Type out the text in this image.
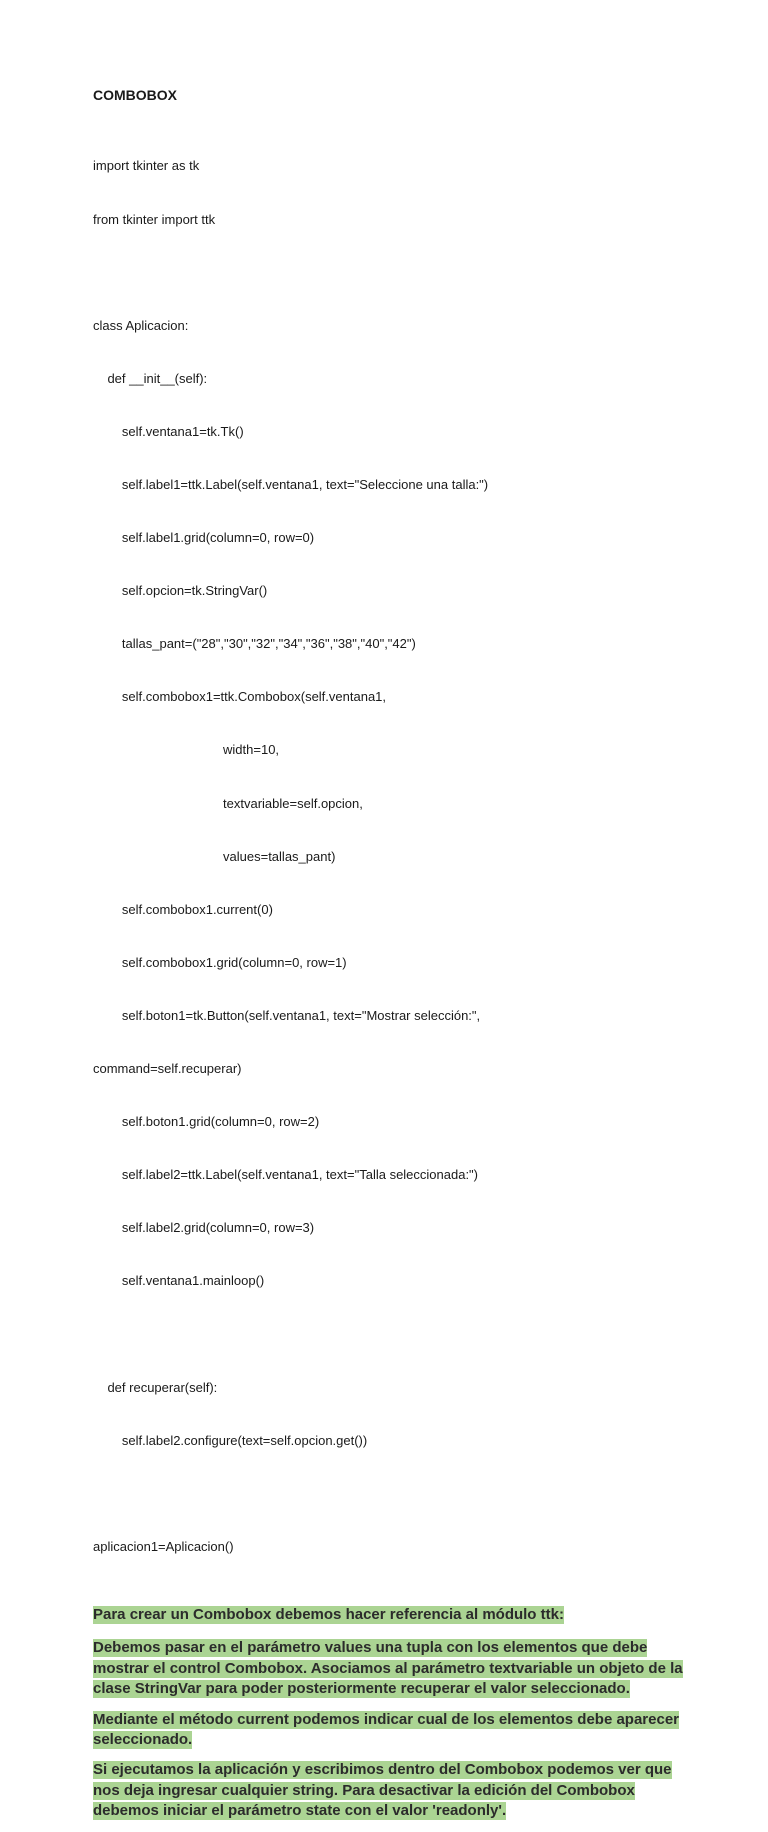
COMBOBOX

import tkinter as tk

from tkinter import ttk

class Aplicacion:

def __init__(self):

self.ventana1=tk.Tk()

self.label1=ttk.Label(self.ventana1, text="Seleccione una talla:")

self.label1.grid(column=0, row=0)

self.opcion=tk.StringVar()

tallas_pant=("28","30","32","34","36","38","40","42")

self.combobox1=ttk.Combobox(self.ventana1,

width=10,

textvariable=self.opcion,

values=tallas_pant)

self.combobox1.current(0)

self.combobox1.grid(column=0, row=1)

self.boton1=tk.Button(self.ventana1, text="Mostrar selección:",

command=self.recuperar)

self.boton1.grid(column=0, row=2)

self.label2=ttk.Label(self.ventana1, text="Talla seleccionada:")

self.label2.grid(column=0, row=3)

self.ventana1.mainloop()

def recuperar(self):

self.label2.configure(text=self.opcion.get())

aplicacion1=Aplicacion()

Para crear un Combobox debemos hacer referencia al módulo ttk:

Debemos pasar en el parámetro values una tupla con los elementos que debe mostrar el control Combobox. Asociamos al parámetro textvariable un objeto de la clase StringVar para poder posteriormente recuperar el valor seleccionado.

Mediante el método current podemos indicar cual de los elementos debe aparecer seleccionado.

Si ejecutamos la aplicación y escribimos dentro del Combobox podemos ver que nos deja ingresar cualquier string. Para desactivar la edición del Combobox debemos iniciar el parámetro state con el valor 'readonly'.
